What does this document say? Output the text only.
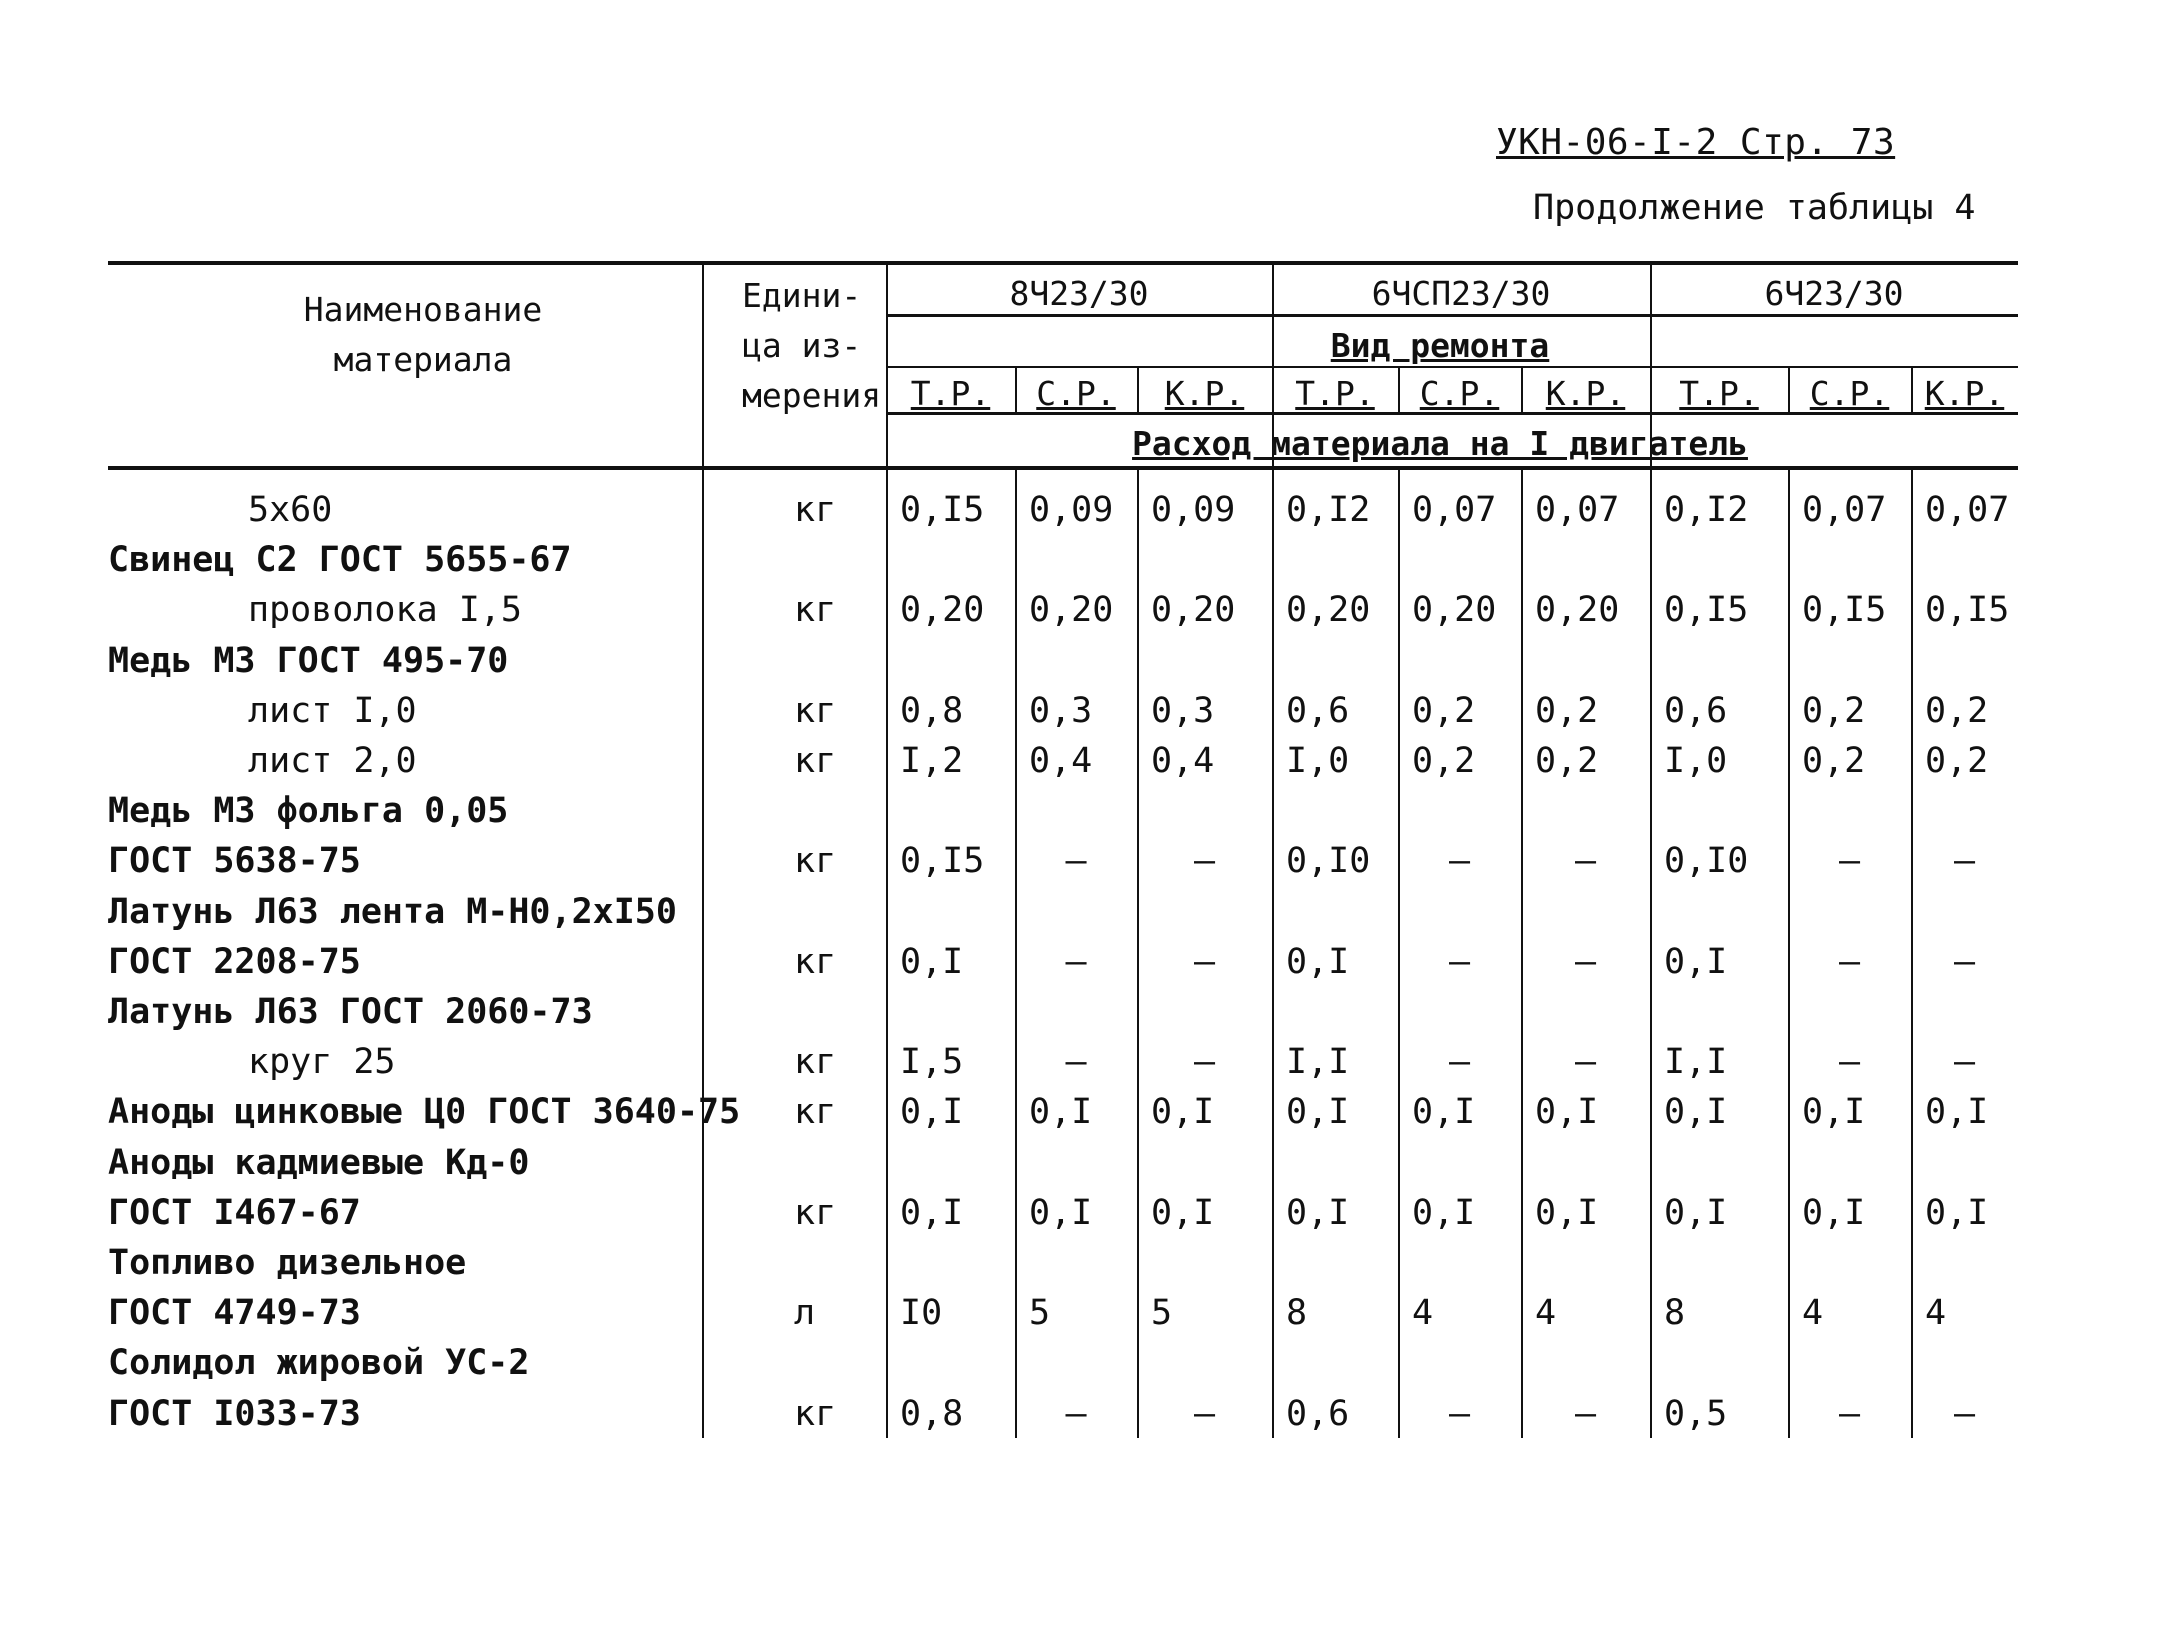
УКН-06-I-2 Стр. 73
Продолжение таблицы 4
Наименование
материала
Едини-
ца из-
мерения
8Ч23/30	6ЧСП23/30	6Ч23/30
Вид ремонта
Т.Р. С.Р. К.Р. Т.Р. С.Р. К.Р. Т.Р. С.Р. К.Р.
Расход материала на I двигатель
5х60	кг 0,I5 0,09 0,09 0,I2 0,07 0,07 0,I2 0,07 0,07
Свинец С2 ГОСТ 5655-67
проволока I,5	кг 0,20 0,20 0,20 0,20 0,20 0,20 0,I5 0,I5 0,I5
Медь М3 ГОСТ 495-70
лист I,0	кг 0,8 0,3 0,3 0,6 0,2 0,2 0,6 0,2 0,2
лист 2,0	кг I,2 0,4 0,4 I,0 0,2 0,2 I,0 0,2 0,2
Медь М3 фольга 0,05
ГОСТ 5638-75	кг 0,I5 –	– 0,I0 –	– 0,I0	–	–
Латунь Л63 лента М-Н0,2хI50
ГОСТ 2208-75	кг 0,I	–	– 0,I	–	– 0,I	–	–
Латунь Л63 ГОСТ 2060-73
круг 25	кг I,5	–	– I,I	–	– I,I	–	–
Аноды цинковые Ц0 ГОСТ 3640-75 кг 0,I 0,I 0,I 0,I 0,I 0,I 0,I 0,I 0,I
Аноды кадмиевые Кд-0
ГОСТ I467-67	кг 0,I 0,I 0,I 0,I 0,I 0,I 0,I 0,I 0,I
Топливо дизельное
ГОСТ 4749-73	л I0 5	5	8	4	4	8	4	4
Солидол жировой УС-2
ГОСТ I033-73	кг 0,8	–	– 0,6	–	– 0,5	–	–
